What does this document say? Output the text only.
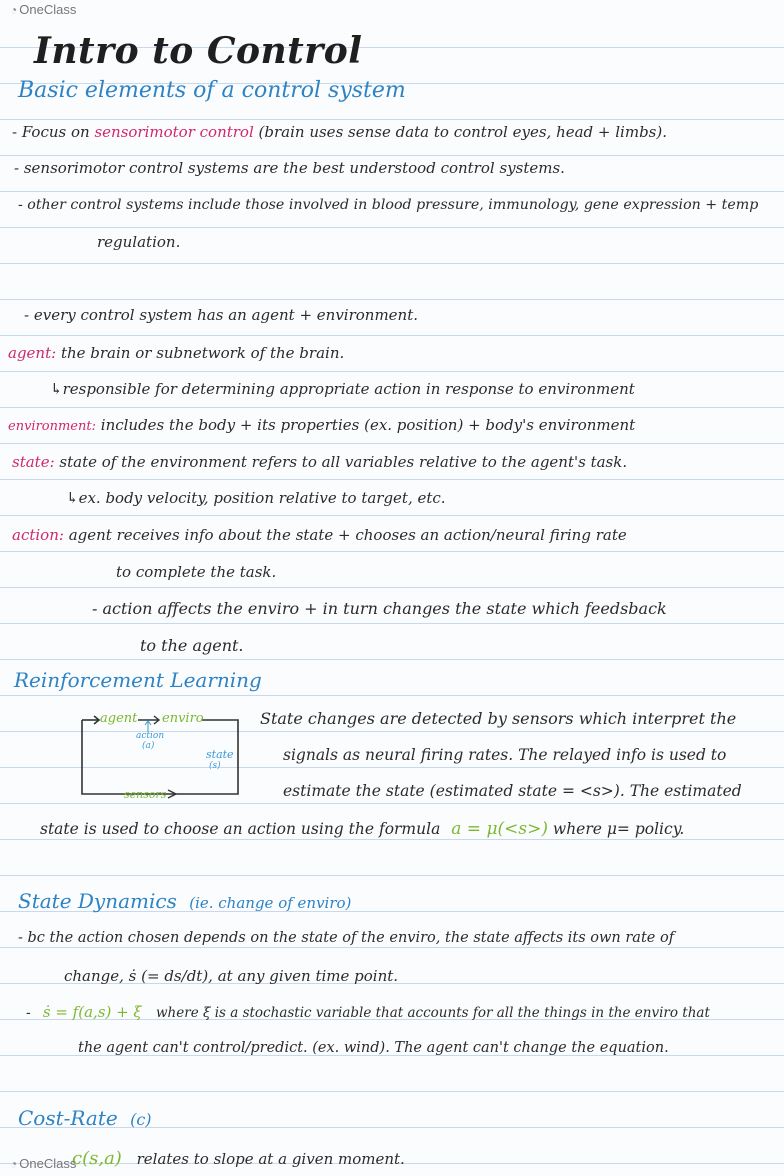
◔ OneClass
Intro to Control
Basic elements of a control system
- Focus on sensorimotor control (brain uses sense data to control eyes, head + limbs).
- sensorimotor control systems are the best understood control systems.
- other control systems include those involved in blood pressure, immunology, gene expression + temp
regulation.
- every control system has an agent + environment.
agent: the brain or subnetwork of the brain.
↳responsible for determining appropriate action in response to environment
environment: includes the body + its properties (ex. position) + body's environment
state: state of the environment refers to all variables relative to the agent's task.
↳ex. body velocity, position relative to target, etc.
action: agent receives info about the state + chooses an action/neural firing rate
to complete the task.
- action affects the enviro + in turn changes the state which feedsback
to the agent.
Reinforcement Learning
agent enviro
action
(a)
state
(s)
sensors
State changes are detected by sensors which interpret the
signals as neural firing rates. The relayed info is used to
estimate the state (estimated state = <s>). The estimated
state is used to choose an action using the formula a = μ(<s>) where μ= policy.
State Dynamics (ie. change of enviro)
- bc the action chosen depends on the state of the enviro, the state affects its own rate of
change, ṡ (= ds/dt), at any given time point.
- ṡ = f(a,s) + ξ where ξ is a stochastic variable that accounts for all the things in the enviro that
the agent can't control/predict. (ex. wind). The agent can't change the equation.
Cost-Rate (c)
c(s,a) relates to slope at a given moment.
◔ OneClass
